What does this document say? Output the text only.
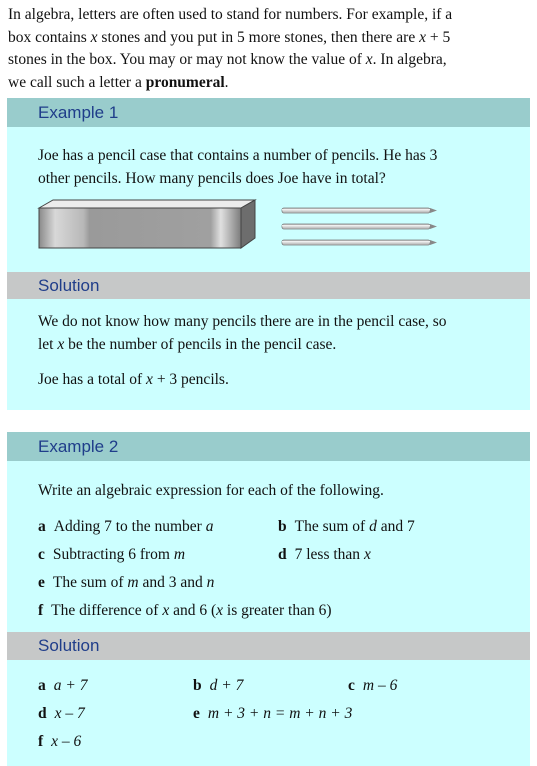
In algebra, letters are often used to stand for numbers. For example, if a
box contains x stones and you put in 5 more stones, then there are x + 5
stones in the box. You may or may not know the value of x. In algebra,
we call such a letter a pronumeral.
Example 1
Joe has a pencil case that contains a number of pencils. He has 3
other pencils. How many pencils does Joe have in total?
Solution
We do not know how many pencils there are in the pencil case, so
let x be the number of pencils in the pencil case.
Joe has a total of x + 3 pencils.
Example 2
Write an algebraic expression for each of the following.
a Adding 7 to the number a	b The sum of d and 7
c Subtracting 6 from m	d 7 less than x
e The sum of m and 3 and n
f The difference of x and 6 (x is greater than 6)
Solution
a a + 7	b d + 7	c m – 6
d x – 7	e m + 3 + n = m + n + 3
f x – 6
